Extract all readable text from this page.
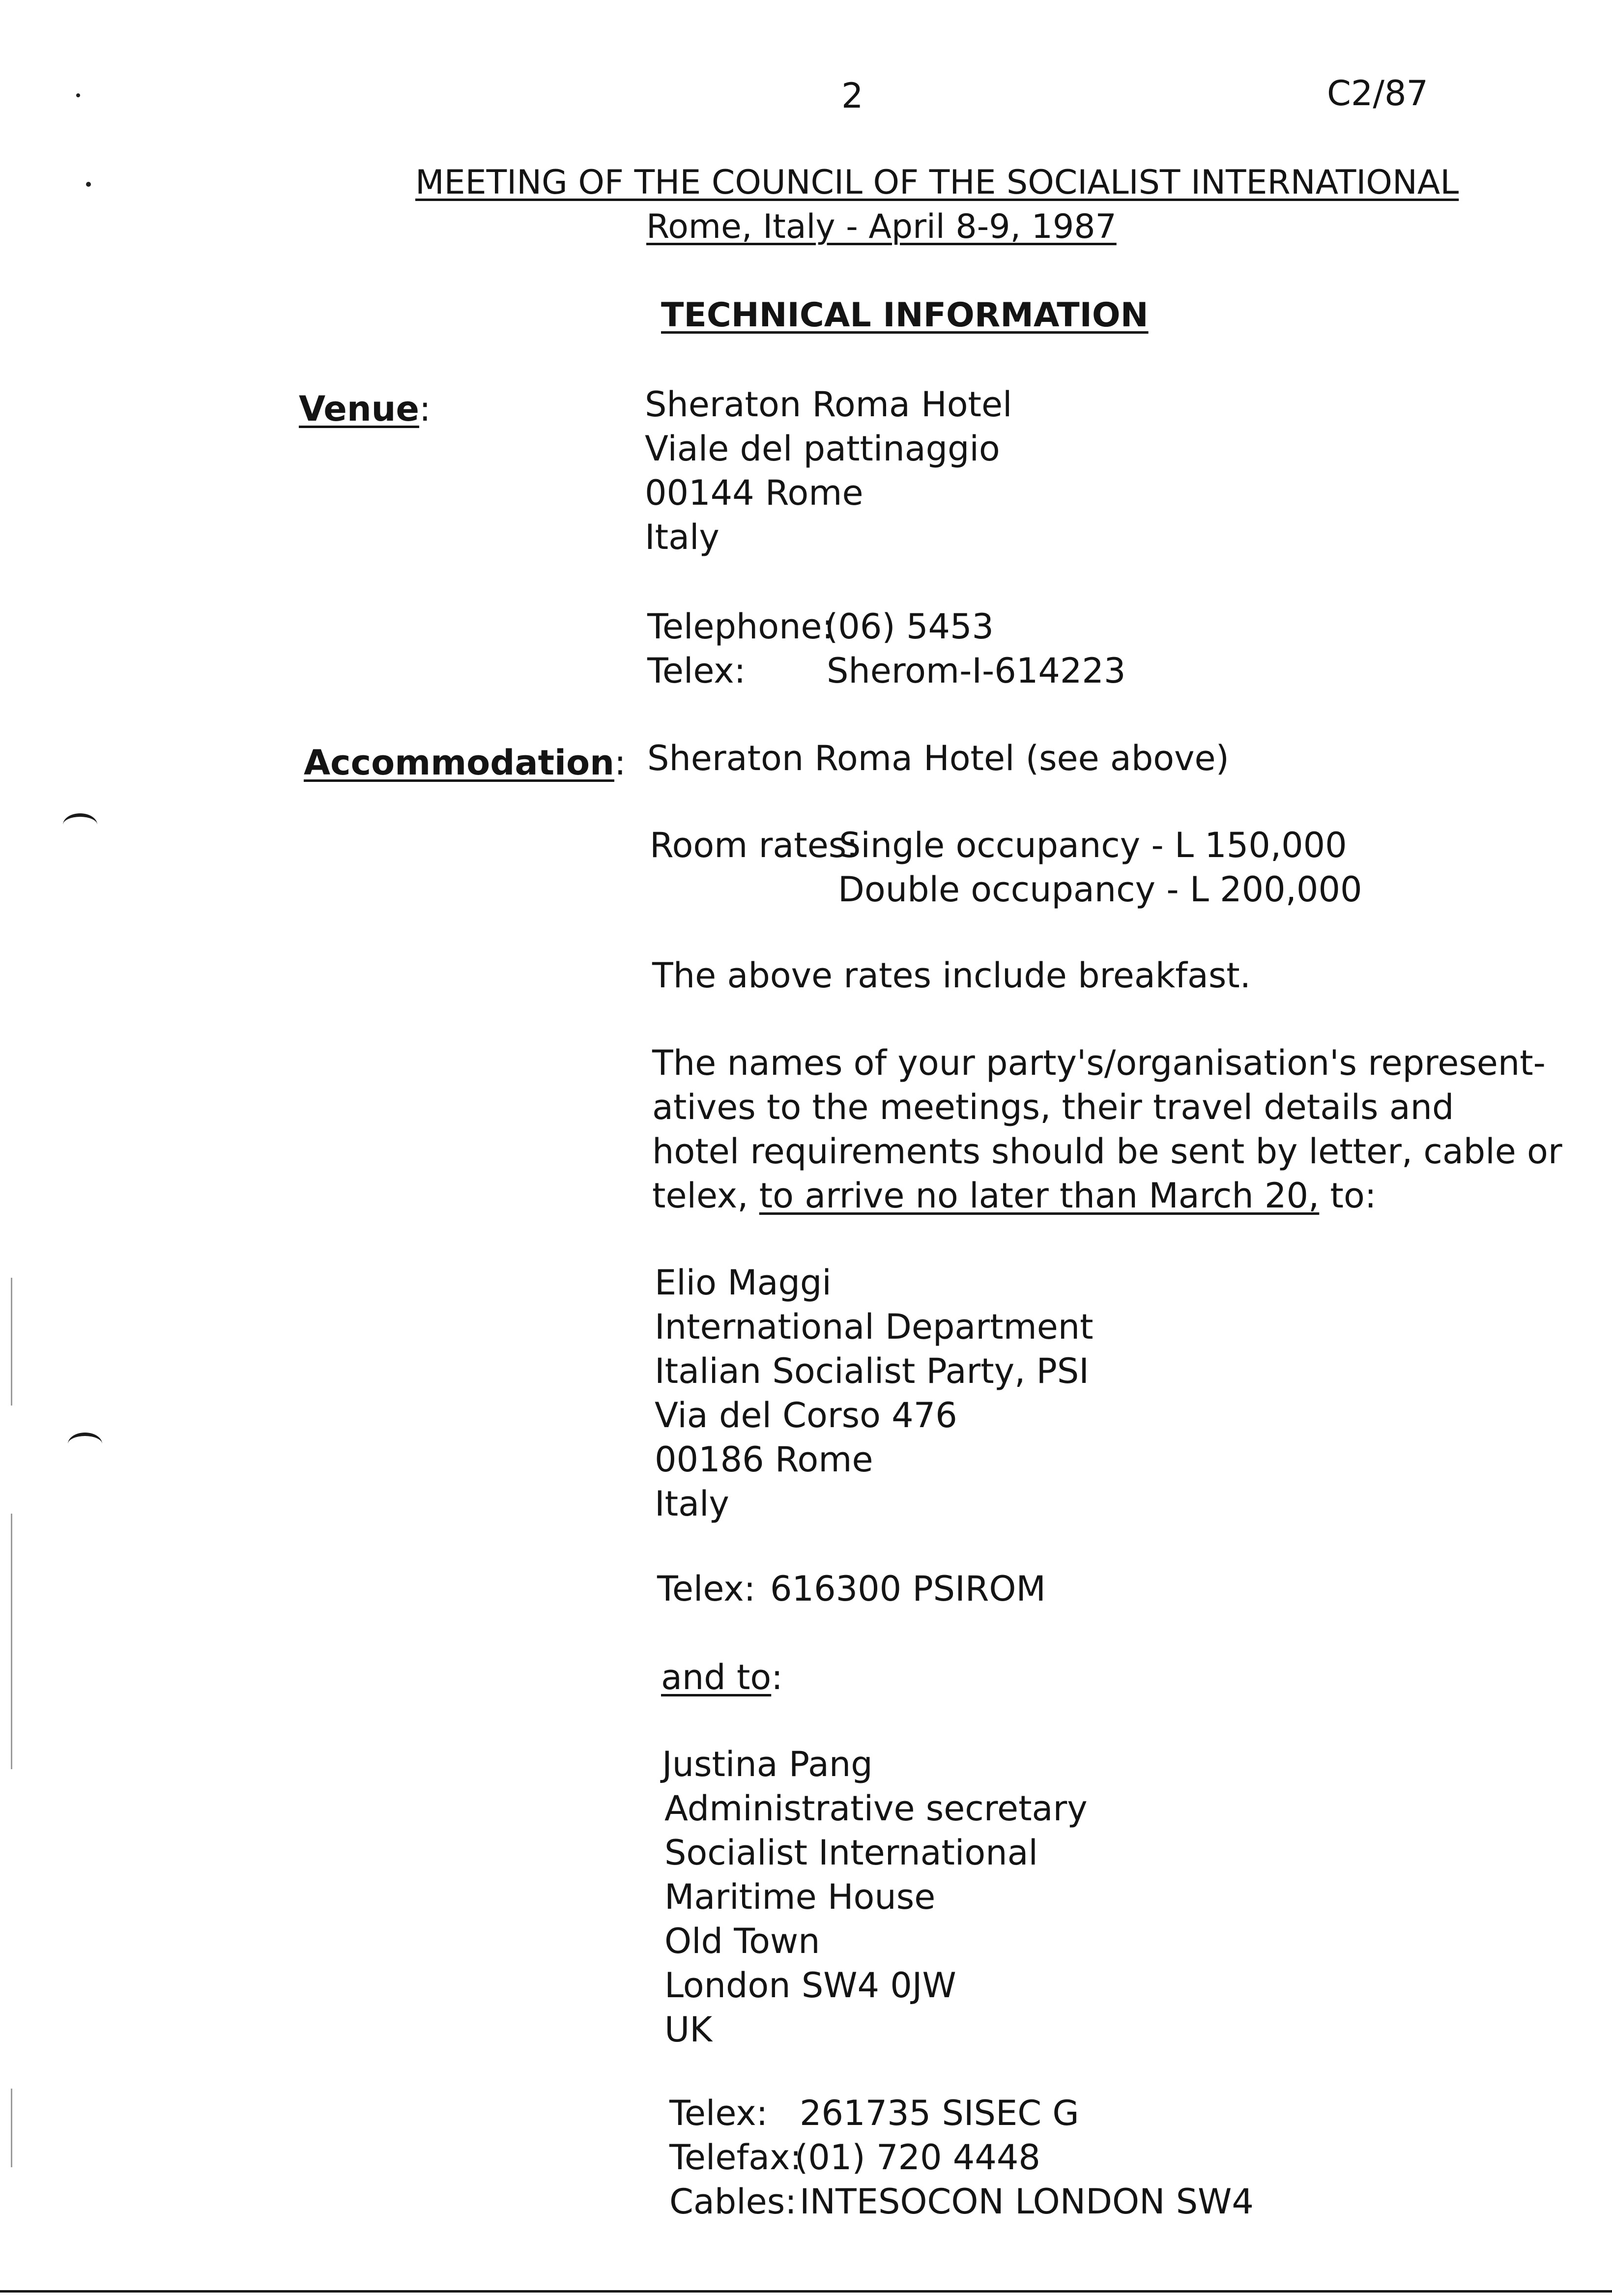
2	C2/87
MEETING OF THE COUNCIL OF THE SOCIALIST INTERNATIONAL
Rome, Italy - April 8-9, 1987
TECHNICAL INFORMATION
Venue:	Sheraton Roma Hotel
Viale del pattinaggio
00144 Rome
Italy
Telephone:
(06) 5453
Telex: Sherom-I-614223
Accommodation: Sheraton Roma Hotel (see above)
Room rates:
Single occupancy - L 150,000
Double occupancy - L 200,000
The above rates include breakfast.
The names of your party's/organisation's represent-
atives to the meetings, their travel details and
hotel requirements should be sent by letter, cable or
telex, to arrive no later than March 20, to:
Elio Maggi
International Department
Italian Socialist Party, PSI
Via del Corso 476
00186 Rome
Italy
Telex: 616300 PSIROM
and to:
Justina Pang
Administrative secretary
Socialist International
Maritime House
Old Town
London SW4 0JW
UK
Telex: 261735 SISEC G
Telefax:
(01) 720 4448
Cables: INTESOCON LONDON SW4
